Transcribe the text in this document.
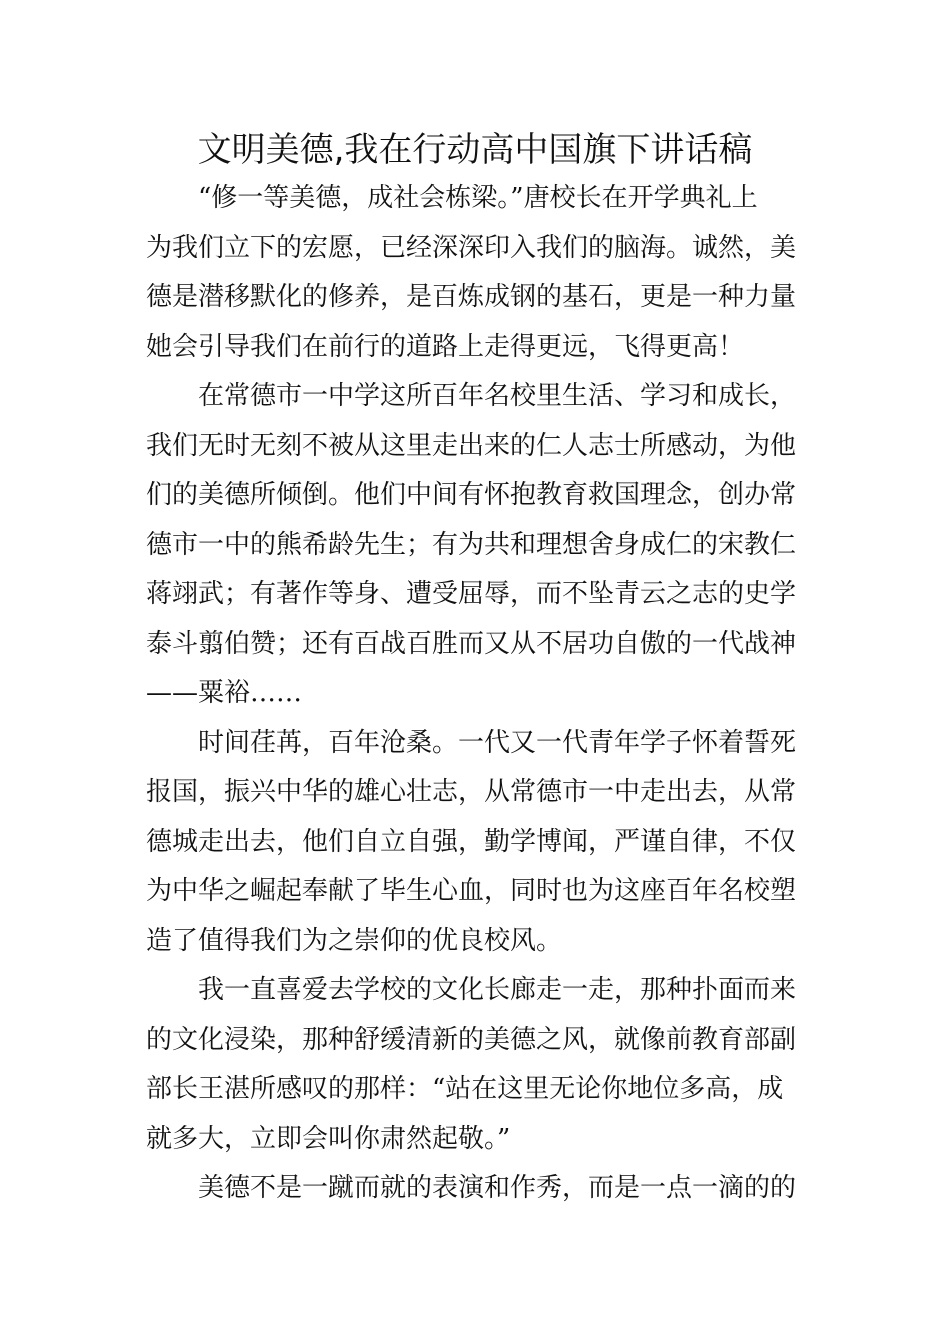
文明美德,我在行动高中国旗下讲话稿

“修一等美德，成社会栋梁。”唐校长在开学典礼上
为我们立下的宏愿，已经深深印入我们的脑海。诚然，美
德是潜移默化的修养，是百炼成钢的基石，更是一种力量
她会引导我们在前行的道路上走得更远，飞得更高！

在常德市一中学这所百年名校里生活、学习和成长，
我们无时无刻不被从这里走出来的仁人志士所感动，为他
们的美德所倾倒。他们中间有怀抱教育救国理念，创办常
德市一中的熊希龄先生；有为共和理想舍身成仁的宋教仁
蒋翊武；有著作等身、遭受屈辱，而不坠青云之志的史学
泰斗翦伯赞；还有百战百胜而又从不居功自傲的一代战神
——粟裕……

时间荏苒，百年沧桑。一代又一代青年学子怀着誓死
报国，振兴中华的雄心壮志，从常德市一中走出去，从常
德城走出去，他们自立自强，勤学博闻，严谨自律，不仅
为中华之崛起奉献了毕生心血，同时也为这座百年名校塑
造了值得我们为之崇仰的优良校风。

我一直喜爱去学校的文化长廊走一走，那种扑面而来
的文化浸染，那种舒缓清新的美德之风，就像前教育部副
部长王湛所感叹的那样：“站在这里无论你地位多高，成
就多大，立即会叫你肃然起敬。”

美德不是一蹴而就的表演和作秀，而是一点一滴的的
